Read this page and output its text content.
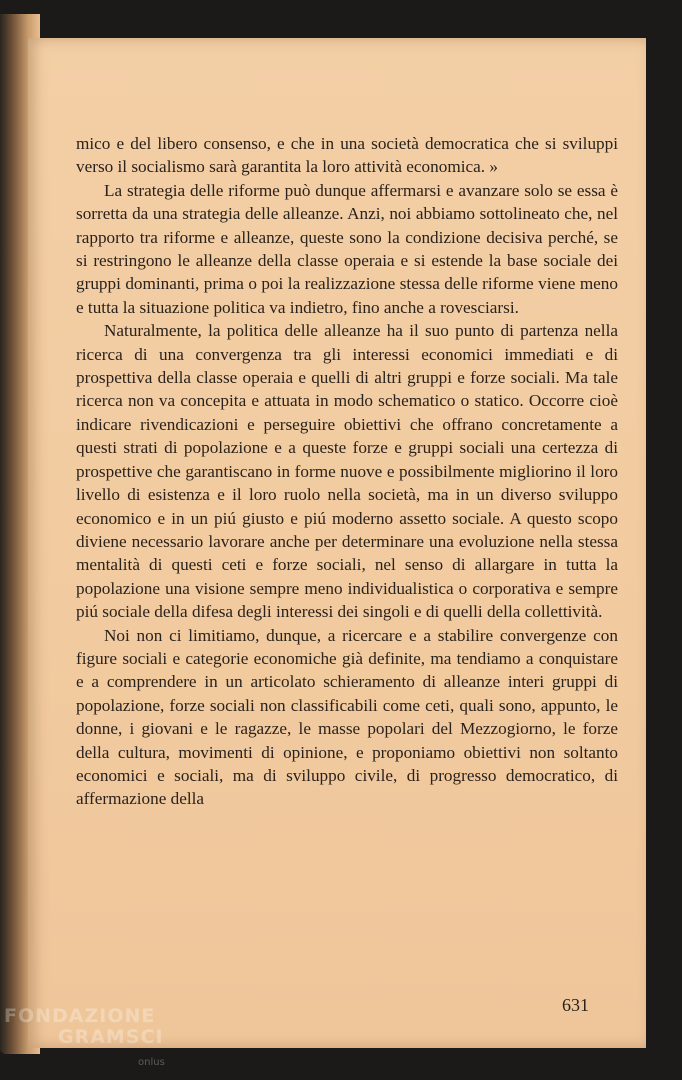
mico e del libero consenso, e che in una società democratica che si sviluppi verso il socialismo sarà garantita la loro attività economica. »

La strategia delle riforme può dunque affermarsi e avanzare solo se essa è sorretta da una strategia delle alleanze. Anzi, noi abbiamo sottolineato che, nel rapporto tra riforme e alleanze, queste sono la condizione decisiva perché, se si restringono le alleanze della classe operaia e si estende la base sociale dei gruppi dominanti, prima o poi la realizzazione stessa delle riforme viene meno e tutta la situazione politica va indietro, fino anche a rovesciarsi.

Naturalmente, la politica delle alleanze ha il suo punto di partenza nella ricerca di una convergenza tra gli interessi economici immediati e di prospettiva della classe operaia e quelli di altri gruppi e forze sociali. Ma tale ricerca non va concepita e attuata in modo schematico o statico. Occorre cioè indicare rivendicazioni e perseguire obiettivi che offrano concretamente a questi strati di popolazione e a queste forze e gruppi sociali una certezza di prospettive che garantiscano in forme nuove e possibilmente migliorino il loro livello di esistenza e il loro ruolo nella società, ma in un diverso sviluppo economico e in un piú giusto e piú moderno assetto sociale. A questo scopo diviene necessario lavorare anche per determinare una evoluzione nella stessa mentalità di questi ceti e forze sociali, nel senso di allargare in tutta la popolazione una visione sempre meno individualistica o corporativa e sempre piú sociale della difesa degli interessi dei singoli e di quelli della collettività.

Noi non ci limitiamo, dunque, a ricercare e a stabilire convergenze con figure sociali e categorie economiche già definite, ma tendiamo a conquistare e a comprendere in un articolato schieramento di alleanze interi gruppi di popolazione, forze sociali non classificabili come ceti, quali sono, appunto, le donne, i giovani e le ragazze, le masse popolari del Mezzogiorno, le forze della cultura, movimenti di opinione, e proponiamo obiettivi non soltanto economici e sociali, ma di sviluppo civile, di progresso democratico, di affermazione della

631
FONDAZIONE
GRAMSCI
onlus
